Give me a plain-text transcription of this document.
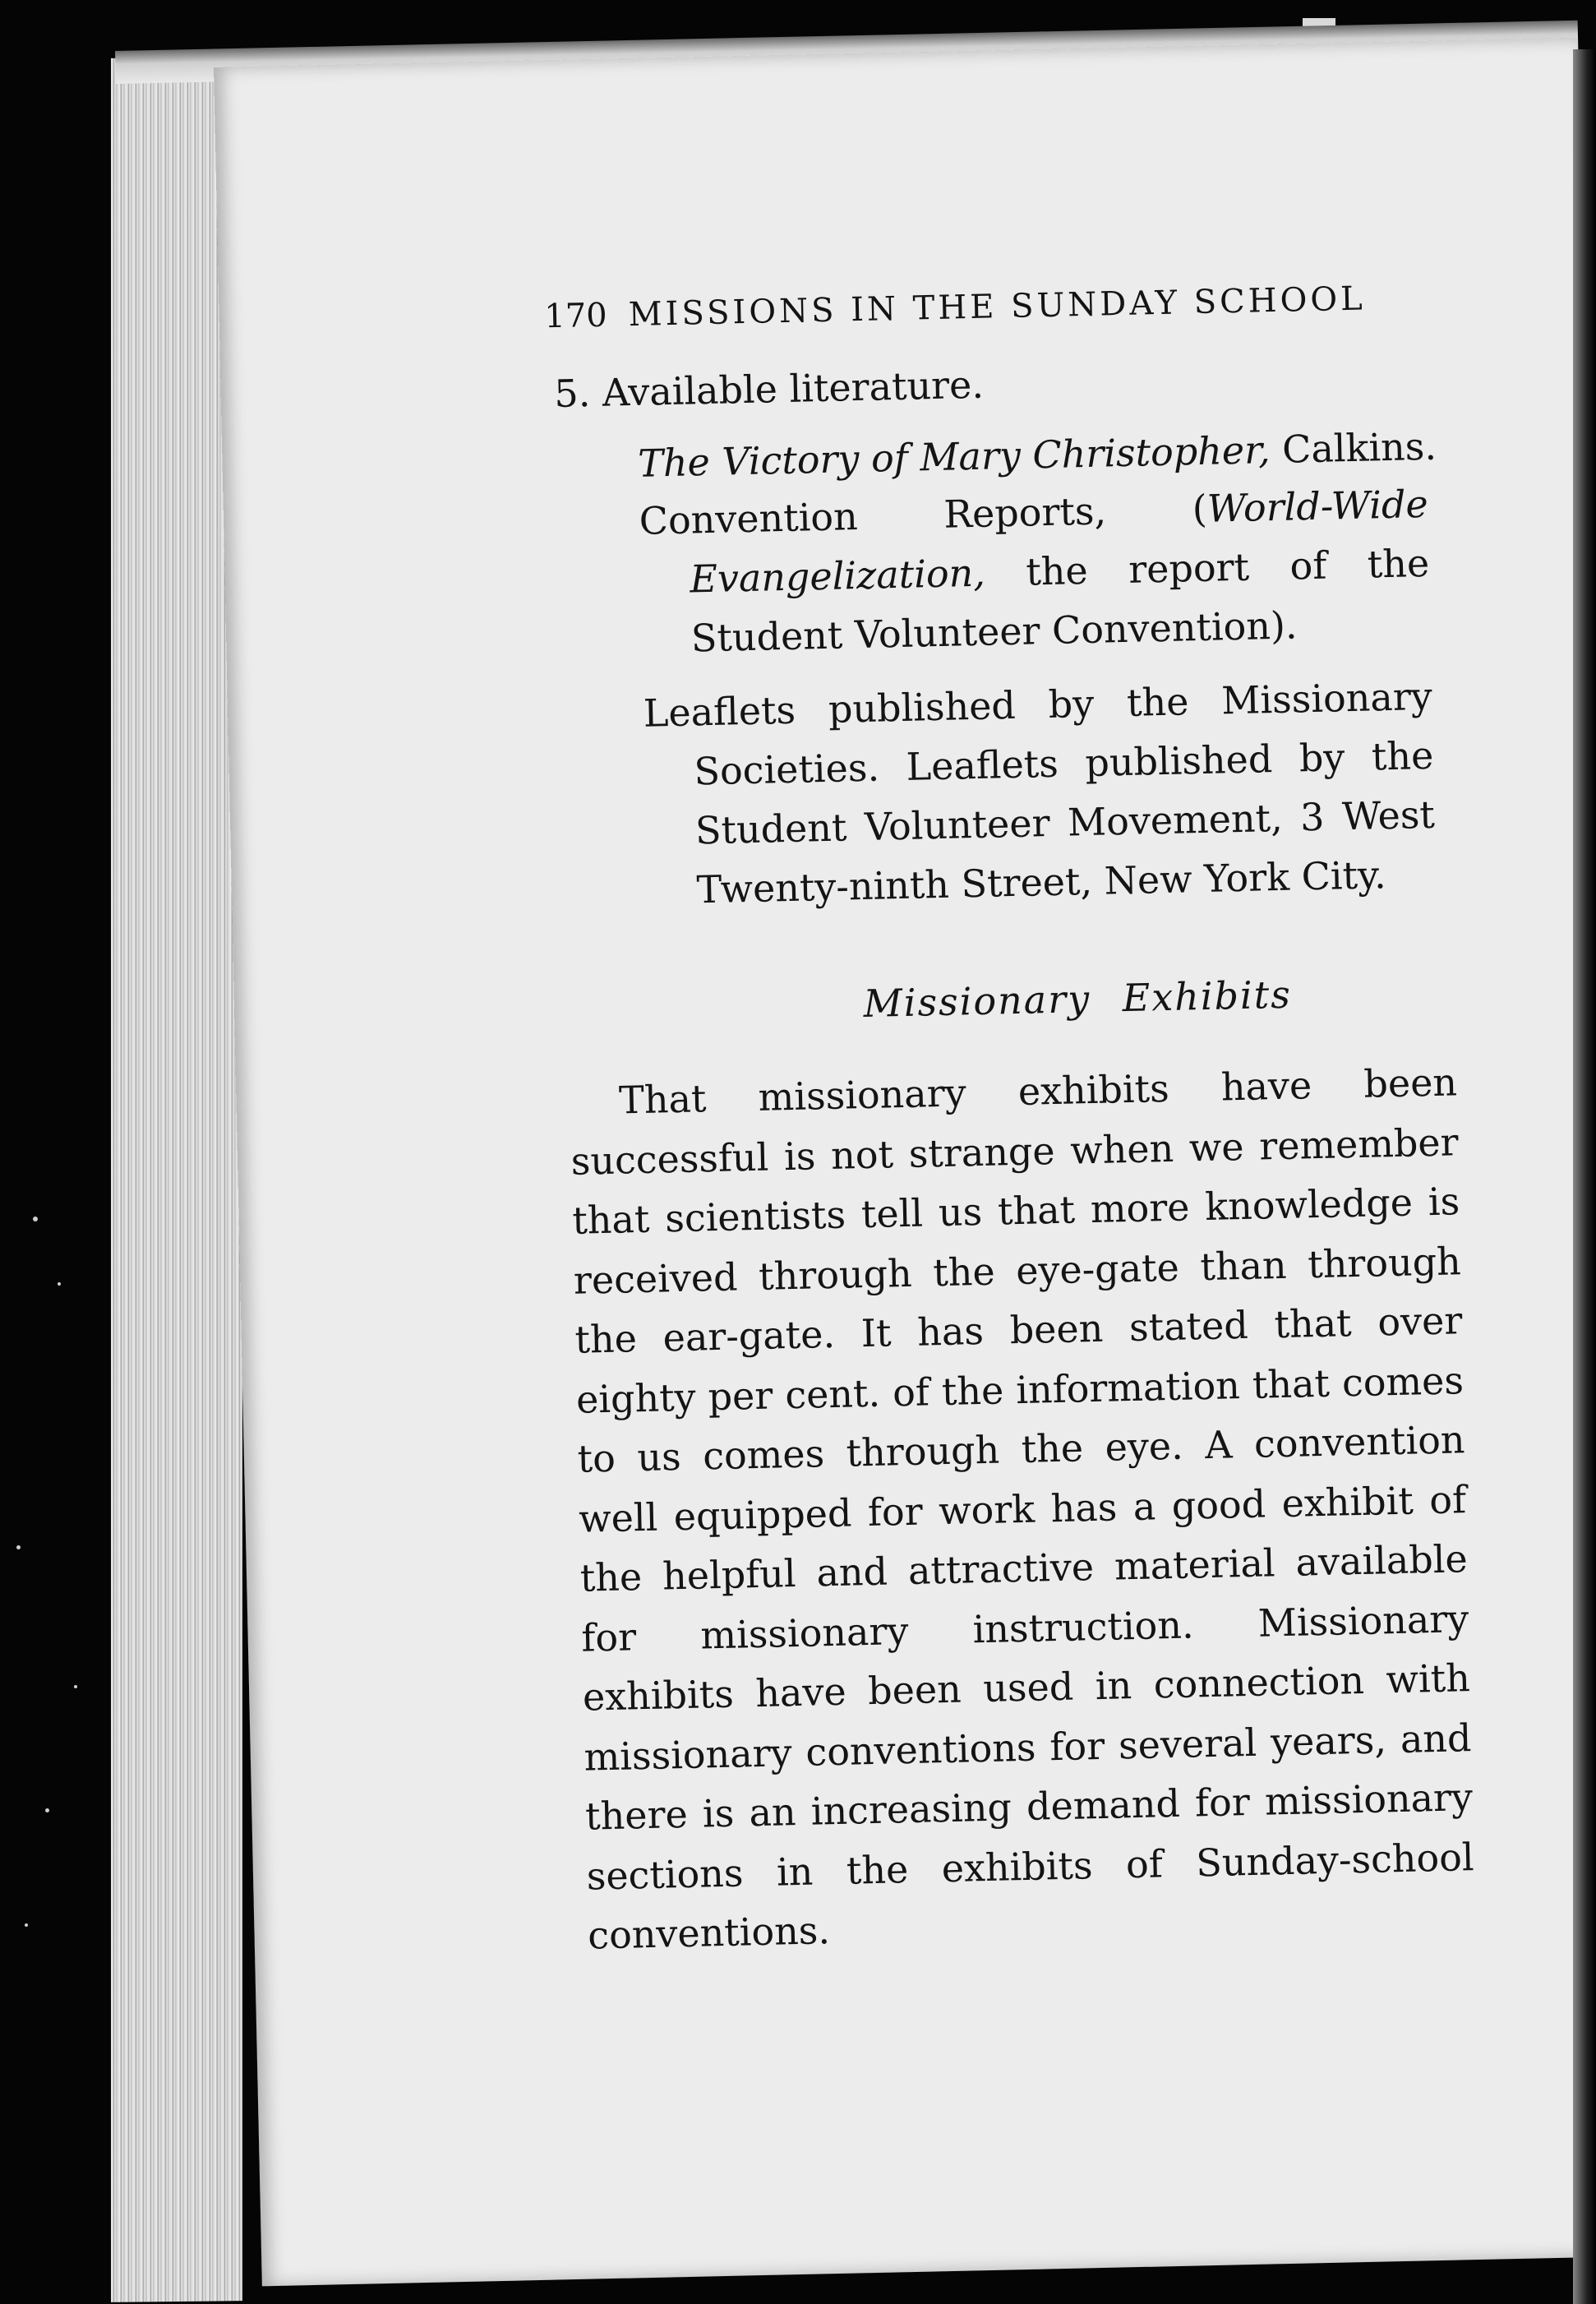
170 MISSIONS IN THE SUNDAY SCHOOL
5. Available literature.
The Victory of Mary Christopher, Calkins.
Convention Reports, (World-Wide Evangelization, the report of the Student Volunteer Convention).
Leaflets published by the Missionary Societies. Leaflets published by the Student Volunteer Movement, 3 West Twenty-ninth Street, New York City.
Missionary Exhibits
That missionary exhibits have been successful is not strange when we remember that scientists tell us that more knowledge is received through the eye-gate than through the ear-gate. It has been stated that over eighty per cent. of the information that comes to us comes through the eye. A convention well equipped for work has a good exhibit of the helpful and attractive material available for missionary instruction. Missionary exhibits have been used in connection with missionary conventions for several years, and there is an increasing demand for missionary sections in the exhibits of Sunday-school conventions.
